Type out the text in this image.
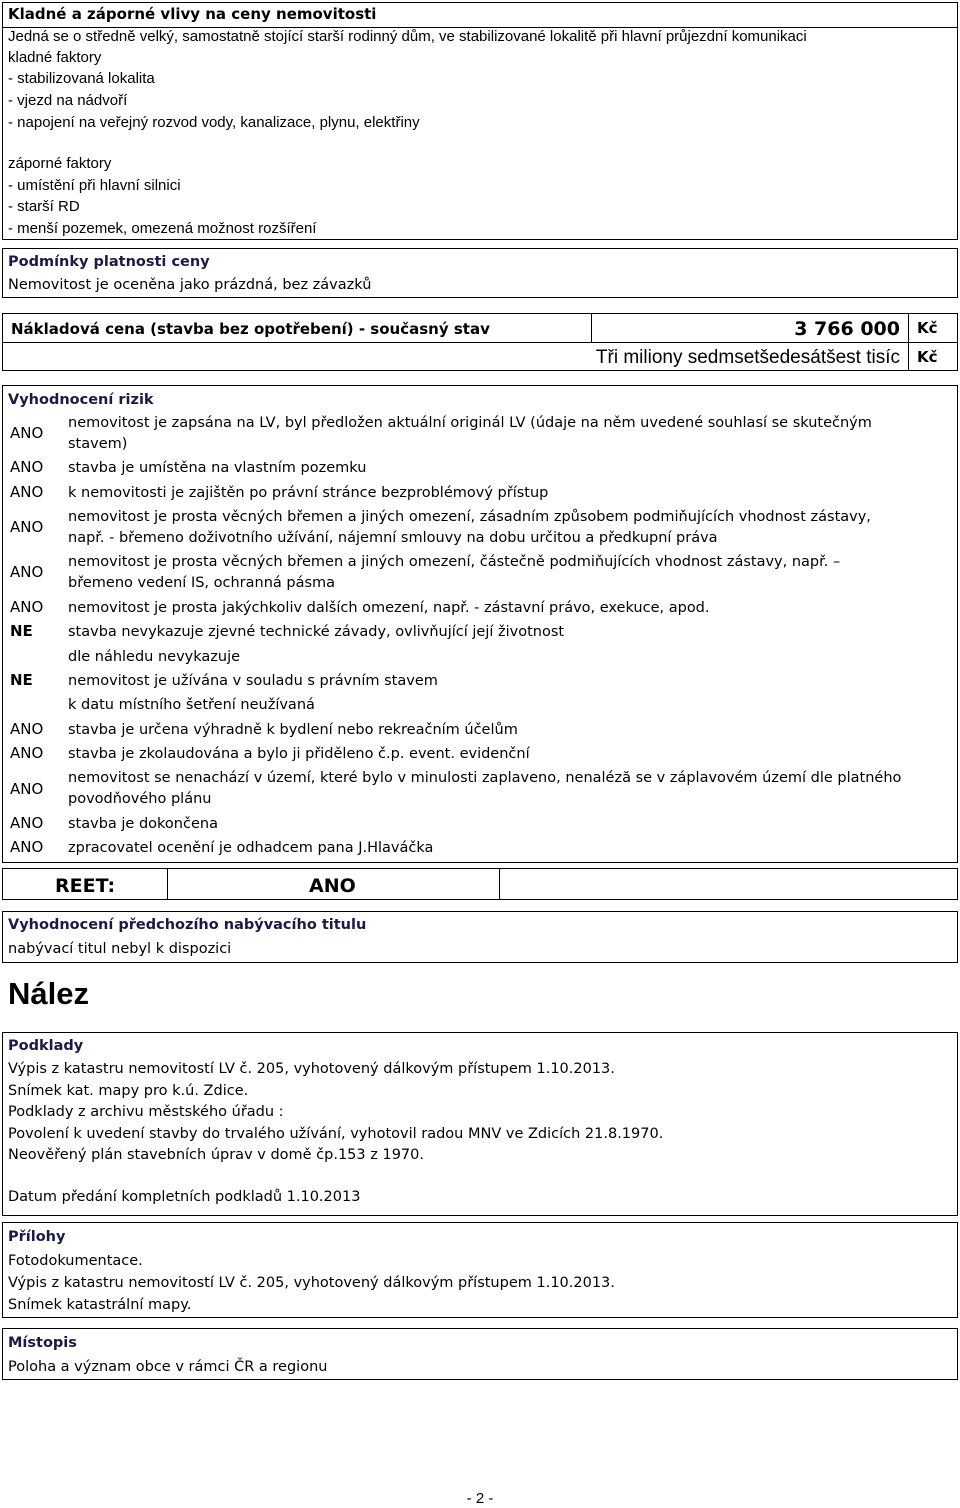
Kladné a záporné vlivy na ceny nemovitosti
Jedná se o středně velký, samostatně stojící starší rodinný dům, ve stabilizované lokalitě při hlavní průjezdní komunikaci
kladné faktory
- stabilizovaná lokalita
- vjezd na nádvoří
- napojení na veřejný rozvod vody, kanalizace, plynu, elektřiny
záporné faktory
- umístění při hlavní silnici
- starší RD
- menší pozemek, omezená možnost rozšíření
Podmínky platnosti ceny
Nemovitost je oceněna jako prázdná, bez závazků
Nákladová cena (stavba bez opotřebení) - současný stav	3 766 000 Kč
Tři miliony sedmsetšedesátšest tisíc Kč
Vyhodnocení rizik
ANO
nemovitost je zapsána na LV, byl předložen aktuální originál LV (údaje na něm uvedené souhlasí se skutečným
stavem)
ANO stavba je umístěna na vlastním pozemku
ANO k nemovitosti je zajištěn po právní stránce bezproblémový přístup
ANO
nemovitost je prosta věcných břemen a jiných omezení, zásadním způsobem podmiňujících vhodnost zástavy,
např. - břemeno doživotního užívání, nájemní smlouvy na dobu určitou a předkupní práva
ANO
nemovitost je prosta věcných břemen a jiných omezení, částečně podmiňujících vhodnost zástavy, např. –
břemeno vedení IS, ochranná pásma
ANO nemovitost je prosta jakýchkoliv dalších omezení, např. - zástavní právo, exekuce, apod.
NE stavba nevykazuje zjevné technické závady, ovlivňující její životnost
dle náhledu nevykazuje
NE nemovitost je užívána v souladu s právním stavem
k datu místního šetření neužívaná
ANO stavba je určena výhradně k bydlení nebo rekreačním účelům
ANO stavba je zkolaudována a bylo ji přiděleno č.p. event. evidenční
ANO
nemovitost se nenachází v území, které bylo v minulosti zaplaveno, nenaléză se v záplavovém území dle platného
povodňového plánu
ANO stavba je dokončena
ANO zpracovatel ocenění je odhadcem pana J.Hlaváčka
REET:	ANO
Vyhodnocení předchozího nabývacího titulu
nabývací titul nebyl k dispozici
Nález
Podklady
Výpis z katastru nemovitostí LV č. 205, vyhotovený dálkovým přístupem 1.10.2013.
Snímek kat. mapy pro k.ú. Zdice.
Podklady z archivu městského úřadu :
Povolení k uvedení stavby do trvalého užívání, vyhotovil radou MNV ve Zdicích 21.8.1970.
Neověřený plán stavebních úprav v domě čp.153 z 1970.
Datum předání kompletních podkladů 1.10.2013
Přílohy
Fotodokumentace.
Výpis z katastru nemovitostí LV č. 205, vyhotovený dálkovým přístupem 1.10.2013.
Snímek katastrální mapy.
Místopis
Poloha a význam obce v rámci ČR a regionu
- 2 -
